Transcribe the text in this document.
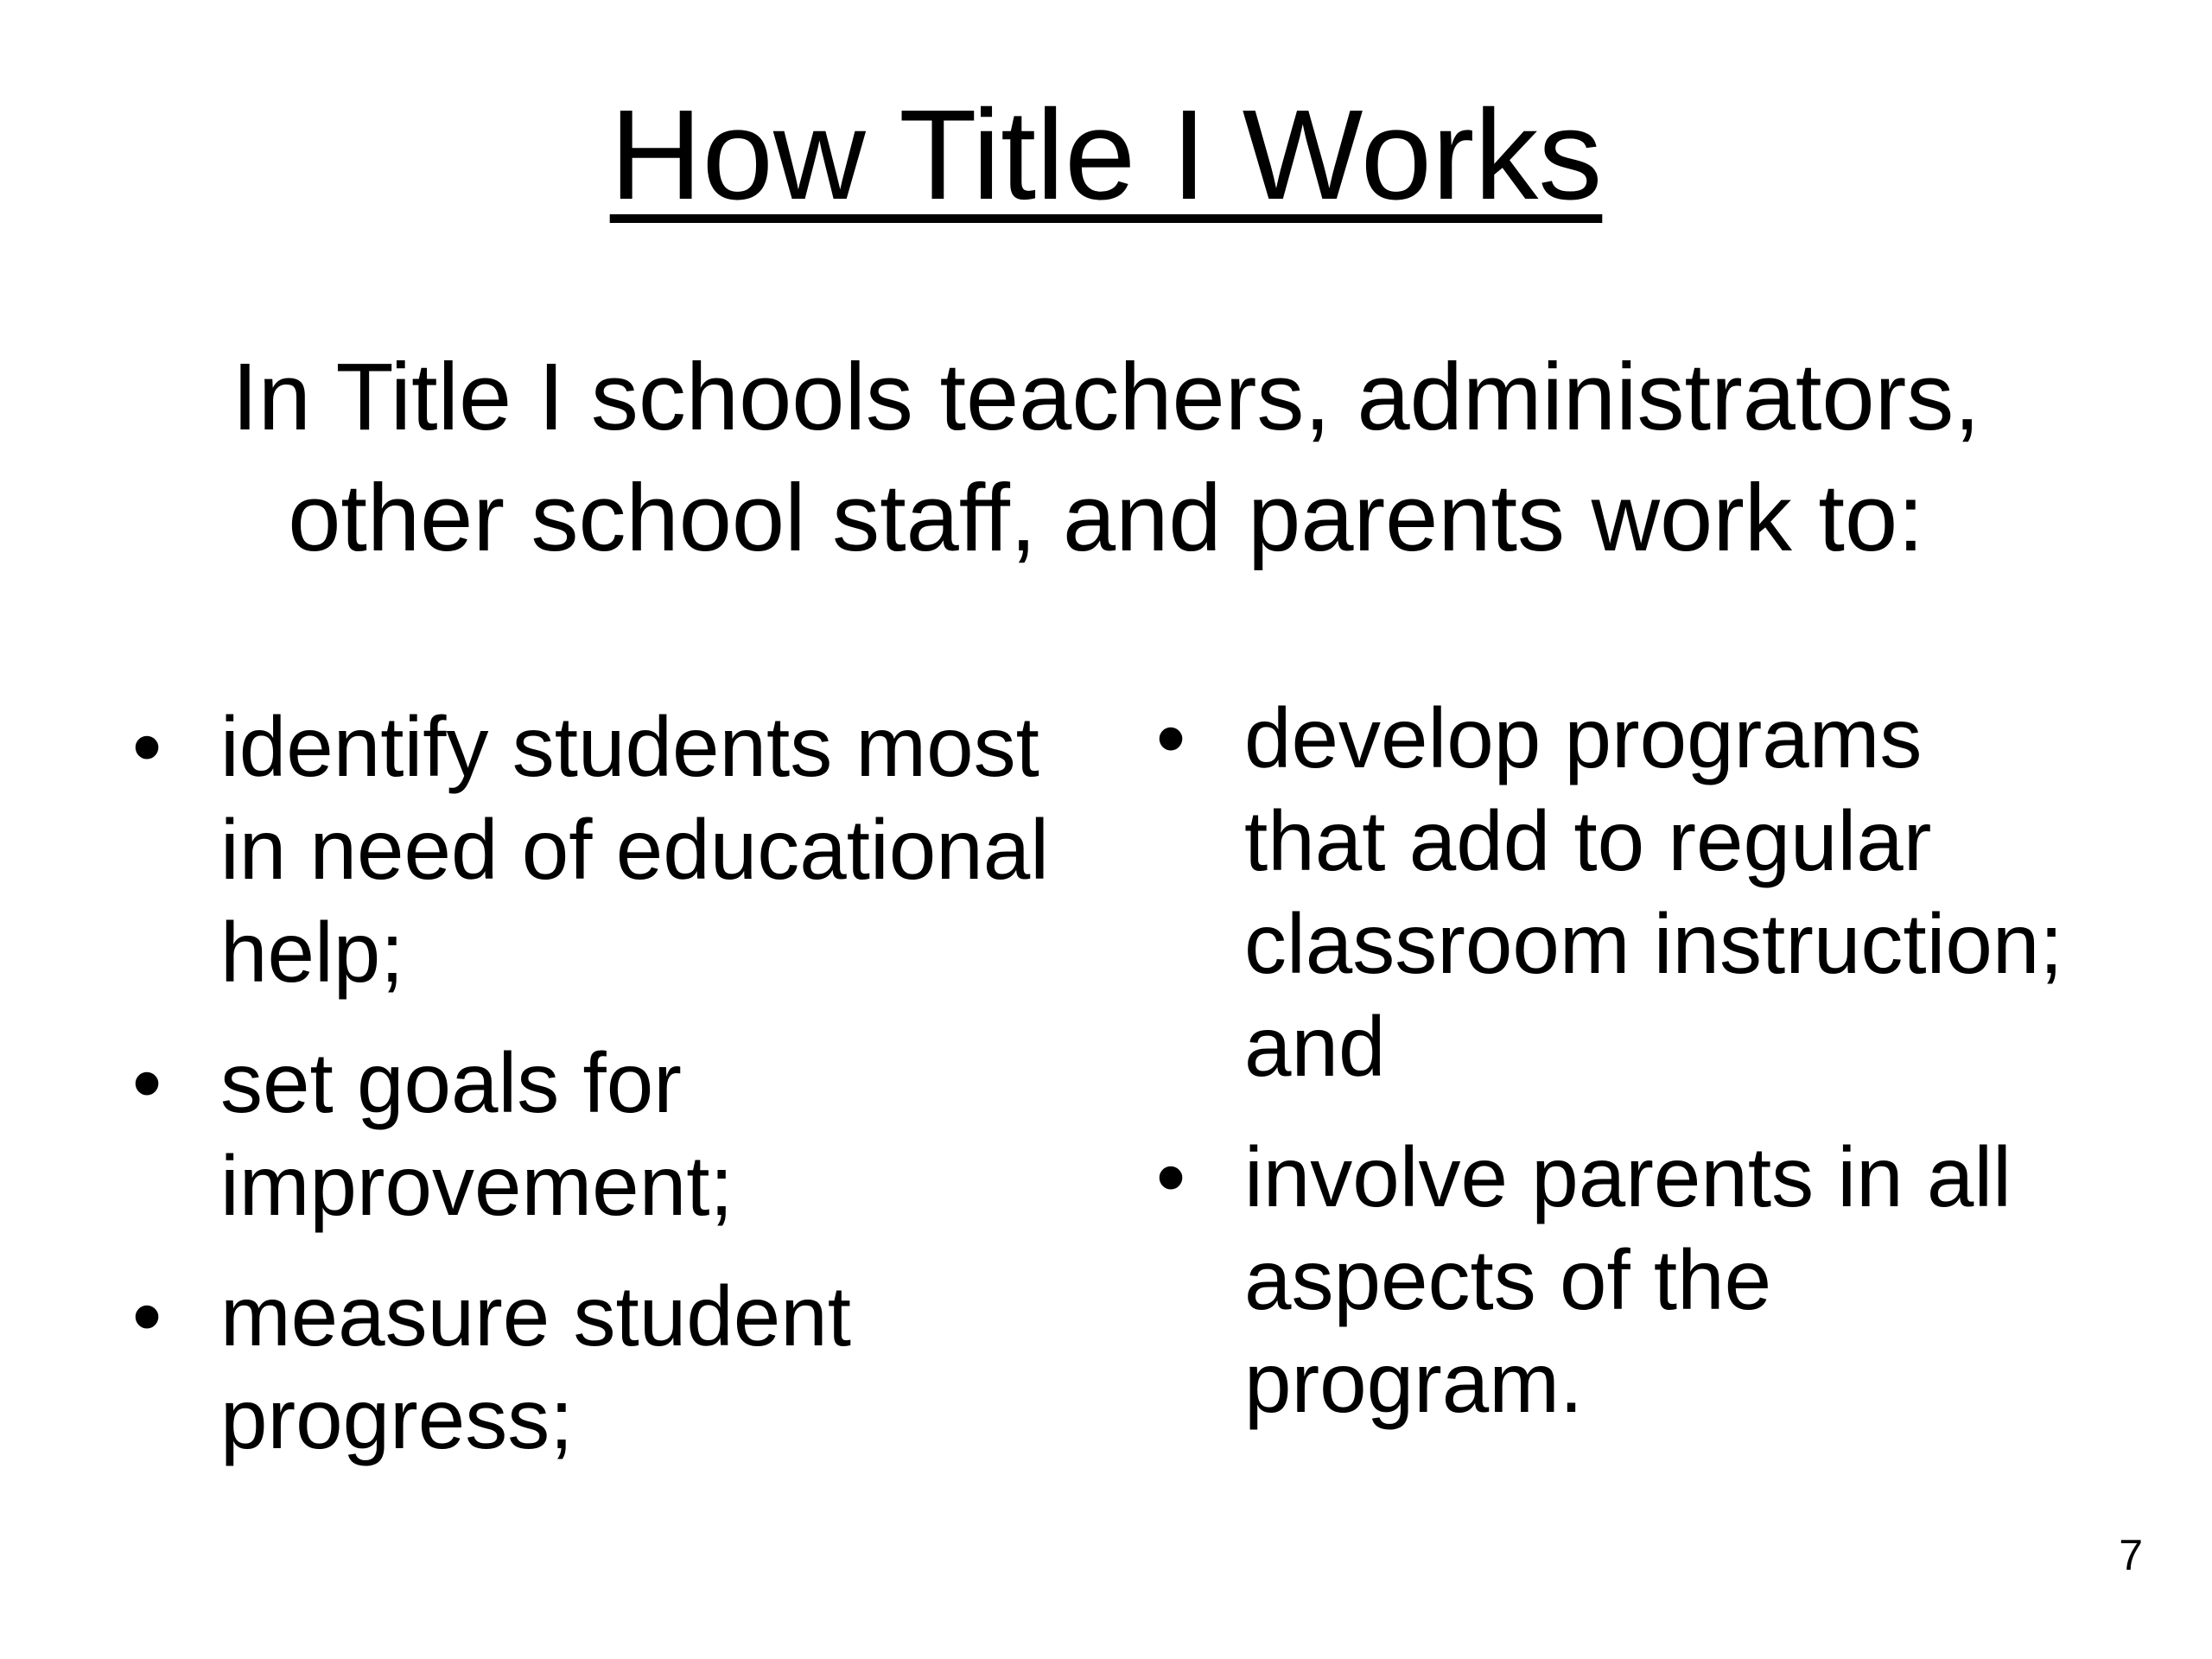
How Title I Works
In Title I schools teachers, administrators,
other school staff, and parents work to:
• identify students most
in need of educational
help;
• set goals for
improvement;
• measure student
progress;
• develop programs
that add to regular
classroom instruction;
and
• involve parents in all
aspects of the
program.
7
